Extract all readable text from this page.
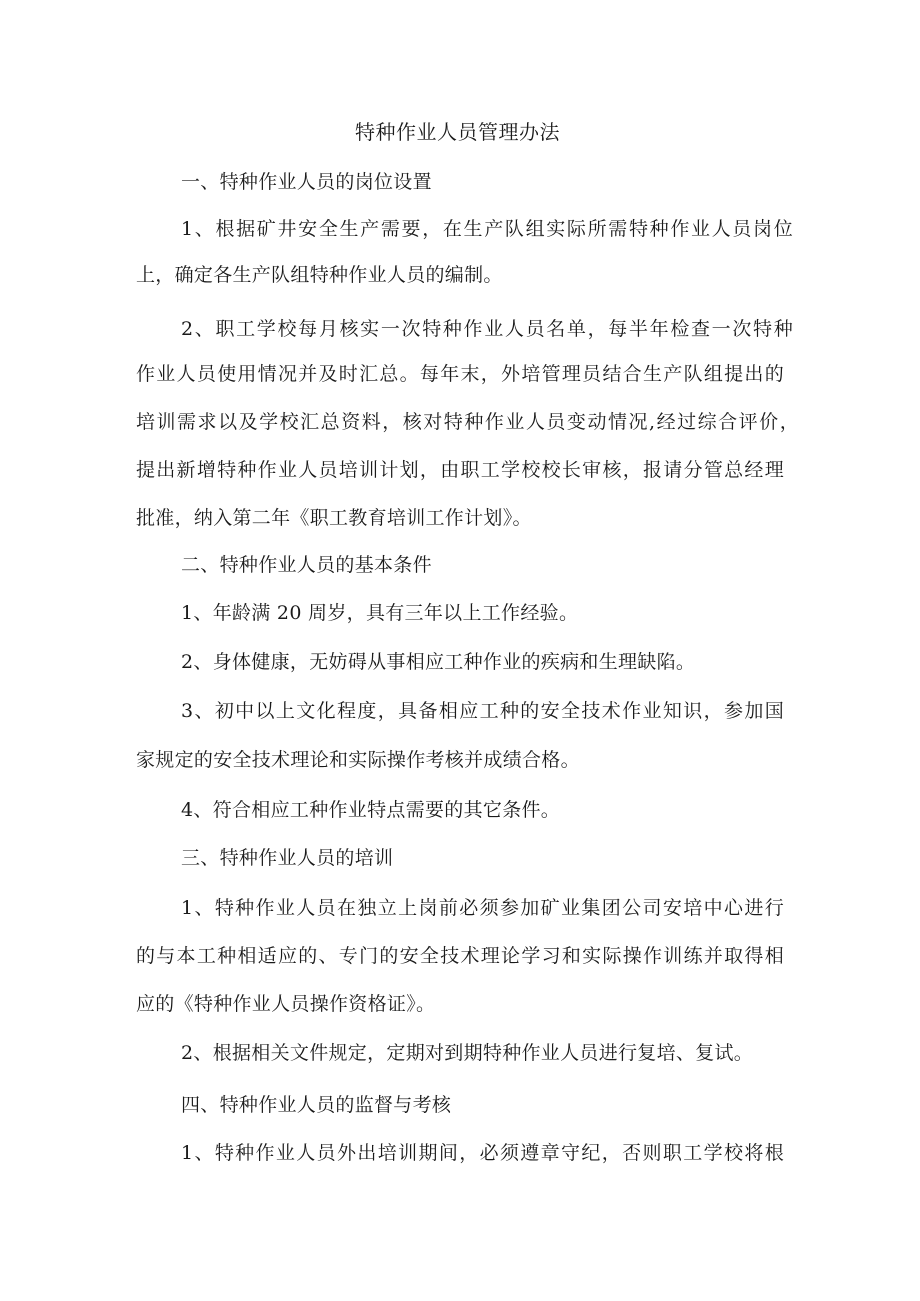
特种作业人员管理办法
一、特种作业人员的岗位设置
1、根据矿井安全生产需要，在生产队组实际所需特种作业人员岗位
上，确定各生产队组特种作业人员的编制。
2、职工学校每月核实一次特种作业人员名单，每半年检查一次特种
作业人员使用情况并及时汇总。每年末，外培管理员结合生产队组提出的
培训需求以及学校汇总资料，核对特种作业人员变动情况,经过综合评价，
提出新增特种作业人员培训计划，由职工学校校长审核，报请分管总经理
批准，纳入第二年《职工教育培训工作计划》。
二、特种作业人员的基本条件
1、年龄满 20 周岁，具有三年以上工作经验。
2、身体健康，无妨碍从事相应工种作业的疾病和生理缺陷。
3、初中以上文化程度，具备相应工种的安全技术作业知识，参加国
家规定的安全技术理论和实际操作考核并成绩合格。
4、符合相应工种作业特点需要的其它条件。
三、特种作业人员的培训
1、特种作业人员在独立上岗前必须参加矿业集团公司安培中心进行
的与本工种相适应的、专门的安全技术理论学习和实际操作训练并取得相
应的《特种作业人员操作资格证》。
2、根据相关文件规定，定期对到期特种作业人员进行复培、复试。
四、特种作业人员的监督与考核
1、特种作业人员外出培训期间，必须遵章守纪，否则职工学校将根
